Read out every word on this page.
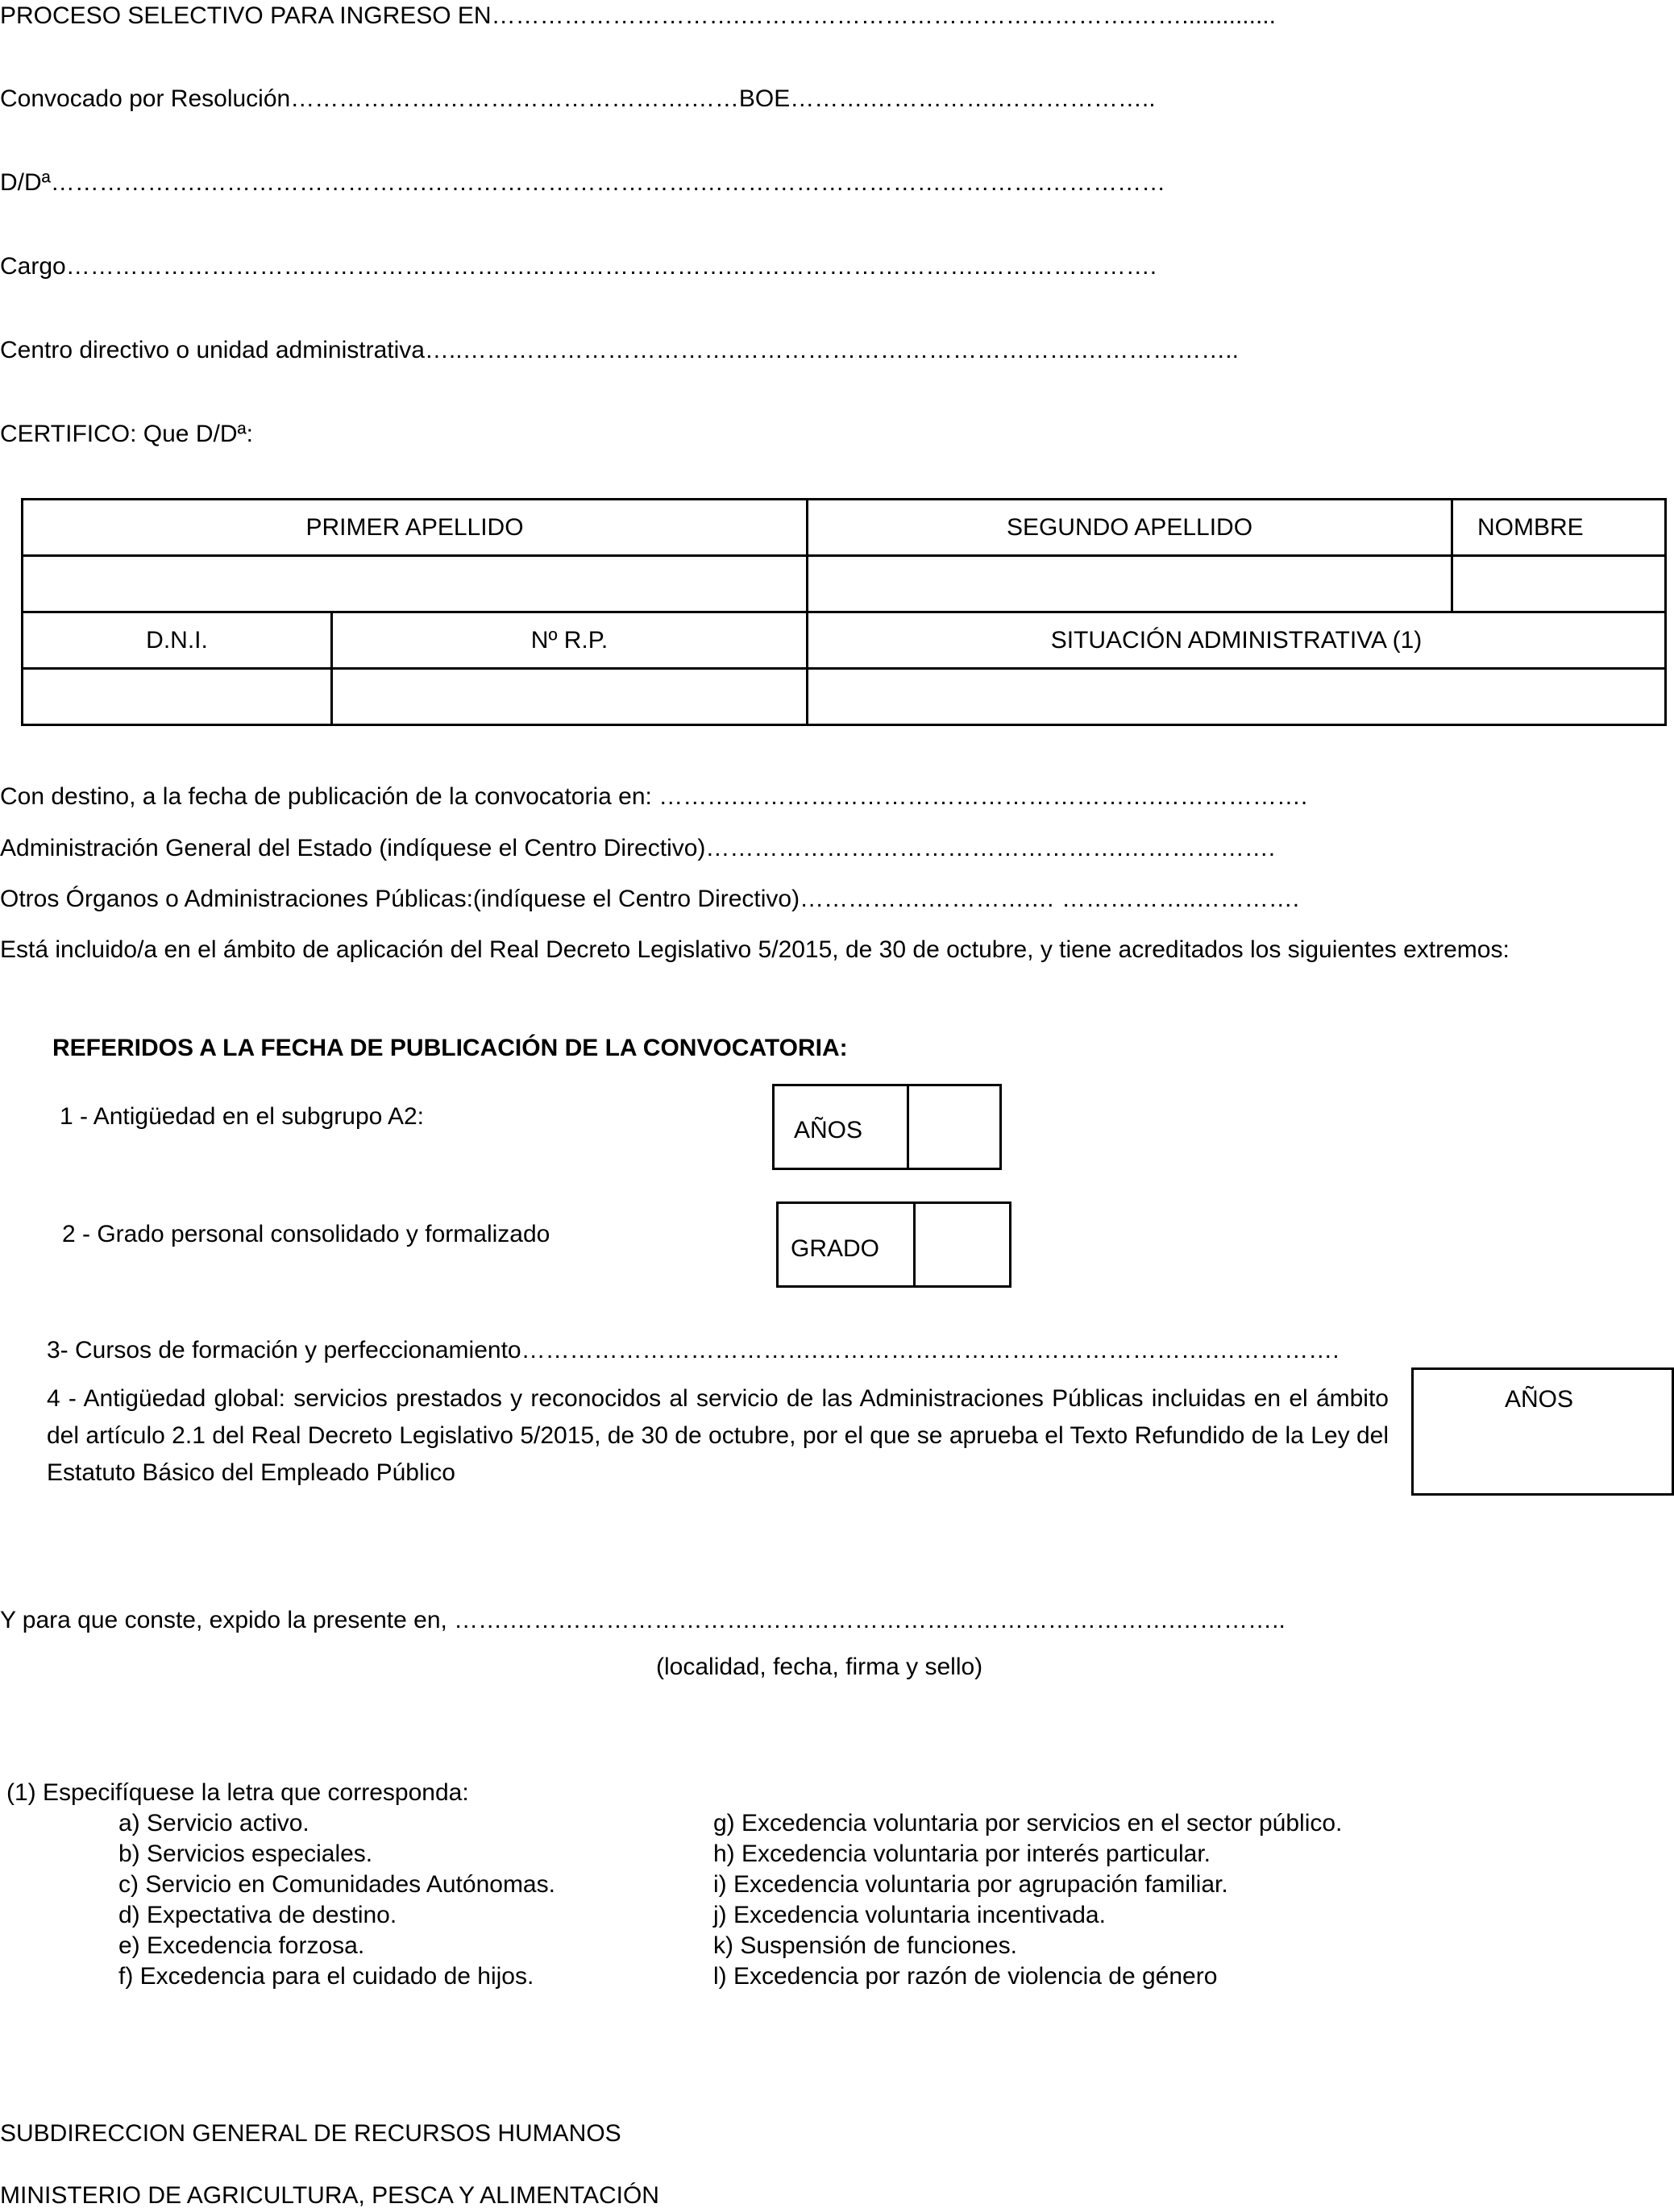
PROCESO SELECTIVO PARA INGRESO EN………………………….………………………………………….……..............
Convocado por Resolución……………….………………………….……BOE……….…………….………………..
D/Dª……………….……………………….…………………………….…………………………………….……………
Cargo………………………………………………….…………………….………………………….………………….
Centro directivo o unidad administrativa…..…………………………….…………………………………….………………..
CERTIFICO: Que D/Dª:
PRIMER APELLIDO		SEGUNDO APELLIDO	NOMBRE

D.N.I.	Nº R.P.	SITUACIÓN ADMINISTRATIVA (1)	

Con destino, a la fecha de publicación de la convocatoria en: ……….…………………………………………….……………….
Administración General del Estado (indíquese el Centro Directivo)…………………………………………….……………….
Otros Órganos o Administraciones Públicas:(indíquese el Centro Directivo)…………….………….… ……………..………….
Está incluido/a en el ámbito de aplicación del Real Decreto Legislativo 5/2015, de 30 de octubre, y tiene acreditados los siguientes extremos:
REFERIDOS A LA FECHA DE PUBLICACIÓN DE LA CONVOCATORIA:
1 - Antigüedad en el subgrupo A2:
AÑOS
2 - Grado personal consolidado y formalizado
GRADO
3- Cursos de formación y perfeccionamiento……………………………….………………………………………….…………….
4 - Antigüedad global: servicios prestados y reconocidos al servicio de las Administraciones Públicas incluidas en el ámbito del artículo 2.1 del Real Decreto Legislativo 5/2015, de 30 de octubre, por el que se aprueba el Texto Refundido de la Ley del Estatuto Básico del Empleado Público
AÑOS
Y para que conste, expido la presente en, …….………………………….…………………………………………….…………..
(localidad, fecha, firma y sello)
(1) Especifíquese la letra que corresponda:
a) Servicio activo.
b) Servicios especiales.
c) Servicio en Comunidades Autónomas.
d) Expectativa de destino.
e) Excedencia forzosa.
f) Excedencia para el cuidado de hijos.
g) Excedencia voluntaria por servicios en el sector público.
h) Excedencia voluntaria por interés particular.
i) Excedencia voluntaria por agrupación familiar.
j) Excedencia voluntaria incentivada.
k) Suspensión de funciones.
l) Excedencia por razón de violencia de género
SUBDIRECCION GENERAL DE RECURSOS HUMANOS
MINISTERIO DE AGRICULTURA, PESCA Y ALIMENTACIÓN
